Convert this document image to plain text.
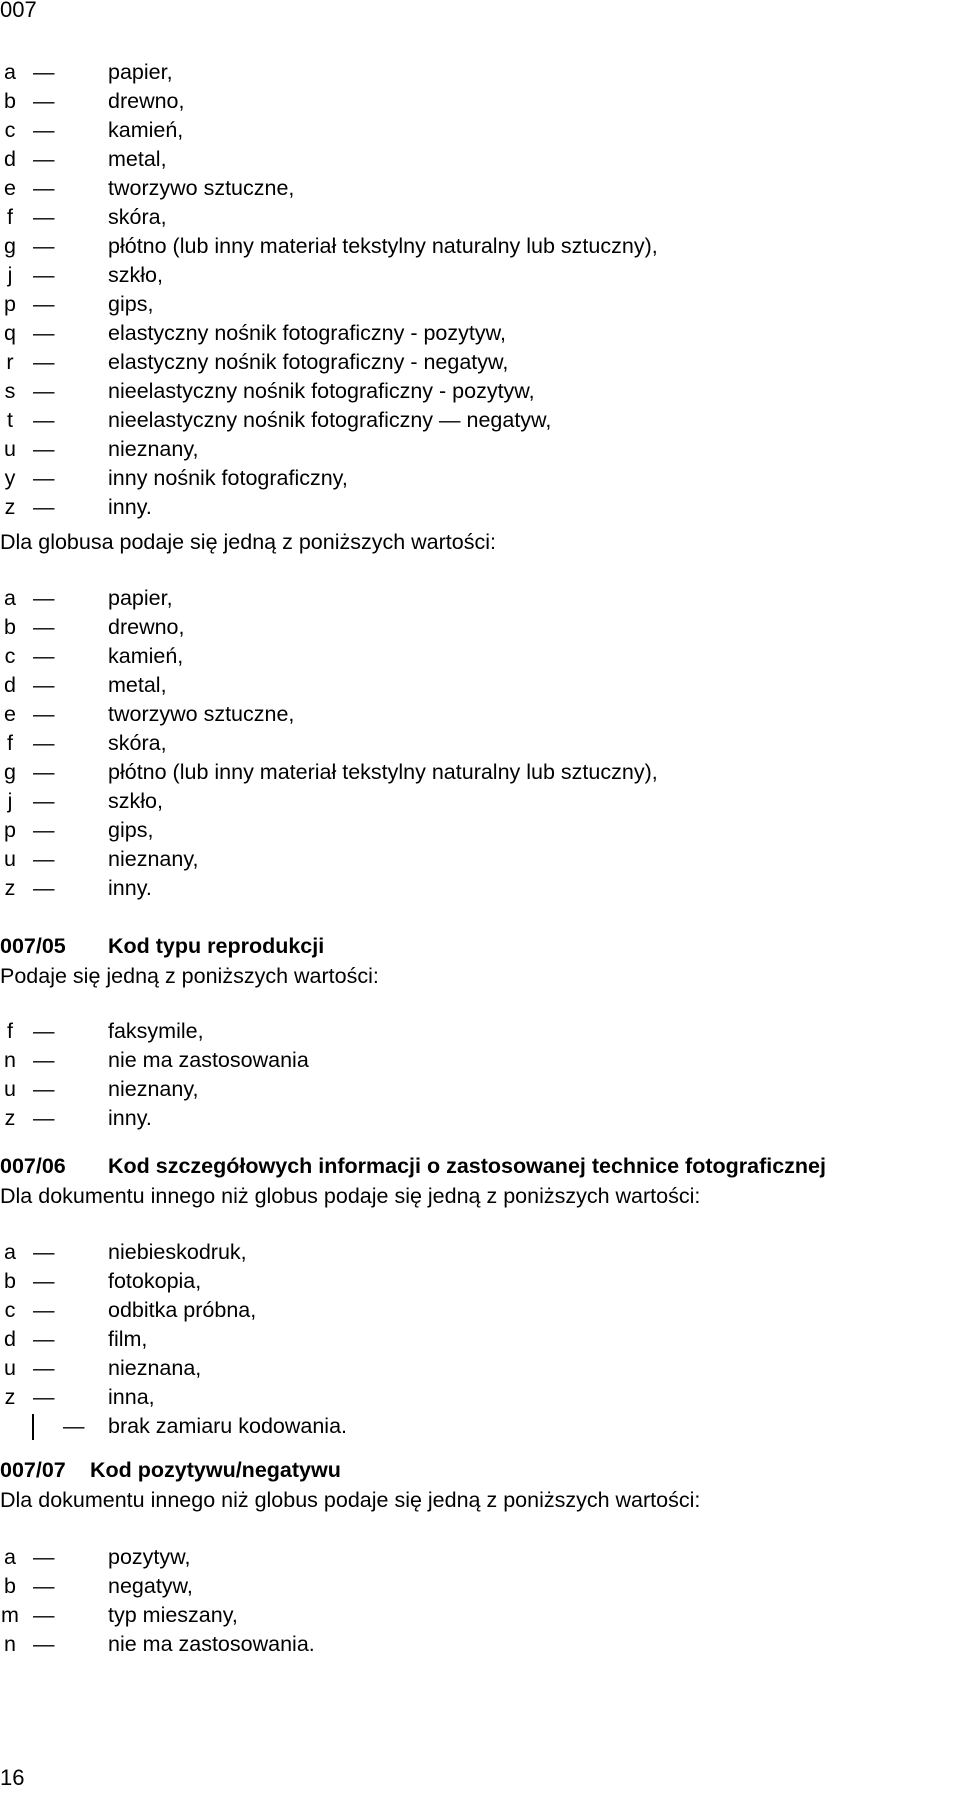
007
a — papier,
b — drewno,
c — kamień,
d — metal,
e — tworzywo sztuczne,
f — skóra,
g — płótno (lub inny materiał tekstylny naturalny lub sztuczny),
j — szkło,
p — gips,
q — elastyczny nośnik fotograficzny - pozytyw,
r — elastyczny nośnik fotograficzny - negatyw,
s — nieelastyczny nośnik fotograficzny - pozytyw,
t — nieelastyczny nośnik fotograficzny — negatyw,
u — nieznany,
y — inny nośnik fotograficzny,
z — inny.
Dla globusa podaje się jedną z poniższych wartości:
a — papier,
b — drewno,
c — kamień,
d — metal,
e — tworzywo sztuczne,
f — skóra,
g — płótno (lub inny materiał tekstylny naturalny lub sztuczny),
j — szkło,
p — gips,
u — nieznany,
z — inny.
007/05 Kod typu reprodukcji
Podaje się jedną z poniższych wartości:
f — faksymile,
n — nie ma zastosowania
u — nieznany,
z — inny.
007/06 Kod szczegółowych informacji o zastosowanej technice fotograficznej
Dla dokumentu innego niż globus podaje się jedną z poniższych wartości:
a — niebieskodruk,
b — fotokopia,
c — odbitka próbna,
d — film,
u — nieznana,
z — inna,
— brak zamiaru kodowania.
007/07 Kod pozytywu/negatywu
Dla dokumentu innego niż globus podaje się jedną z poniższych wartości:
a — pozytyw,
b — negatyw,
m — typ mieszany,
n — nie ma zastosowania.
16
